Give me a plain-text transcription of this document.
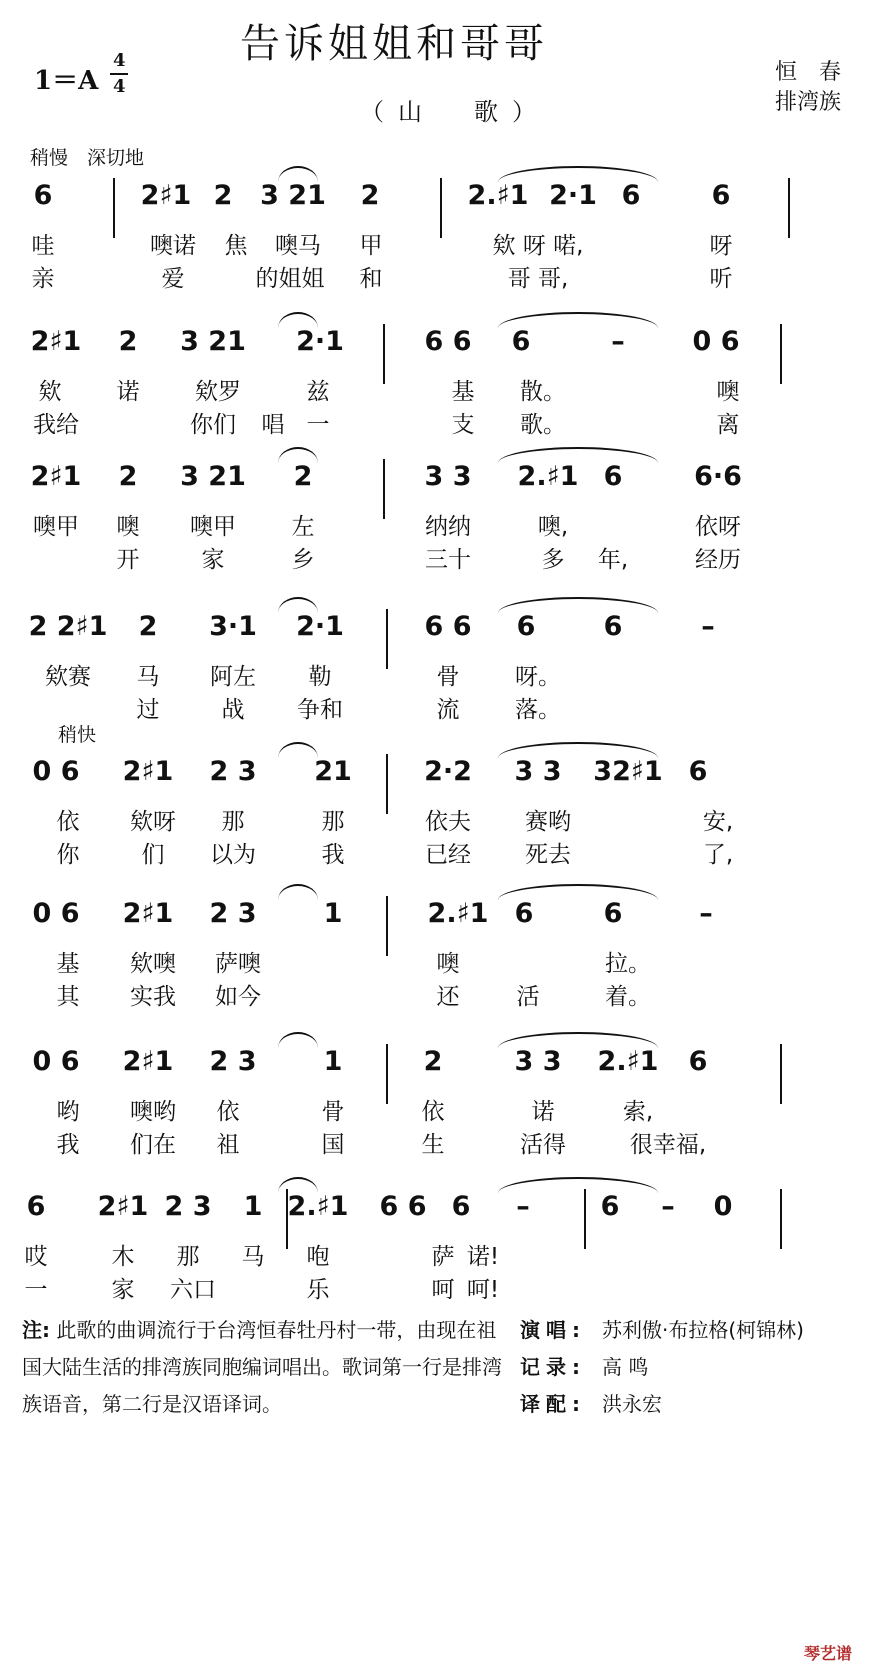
告诉姐姐和哥哥
（山　歌）
1＝A
4
4
恒　春
排湾族
稍慢　深切地
稍快
6	2♯1 2 3 21 2	2.♯1 2·1 6	6
哇	噢诺 焦 噢马 甲	欸 呀 喏,	呀
亲	爱	的姐姐 和	哥 哥,	听
2♯1 2 3 21 2·1	6 6 6	–	0 6
欸 诺 欸罗	兹	基 散。	噢
我给	你们 唱 一	支 歌。	离
2♯1 2 3 21 2	3 3 2.♯1 6	6·6
噢甲 噢 噢甲 左	纳纳	噢,	依呀
开	家	乡	三十	多 年,	经历
2 2♯1 2 3·1 2·1	6 6 6	6	–
欸赛 马 阿左 勒	骨 呀。
过	战 争和	流 落。
0 6 2♯1 2 3 21	2·2 3 3 32♯1 6
依 欸呀 那	那	依夫 赛哟	安,
你	们 以为	我	已经 死去	了,
0 6 2♯1 2 3 1	2.♯1 6	6	–
基 欸噢 萨噢	噢	拉。
其 实我 如今	还 活	着。
0 6 2♯1 2 3 1	2	3 3 2.♯1 6
哟 噢哟 依	骨	依	诺	索,
我 们在 祖	国	生	活得	很幸福,
6 2♯1 2 3 1 2.♯1 6 6 6 –	6 – 0
哎	木 那 马 咆	萨 诺!
一	家 六口	乐	呵 呵!
注: 此歌的曲调流行于台湾恒春牡丹村一带，由现在祖国大陆生活的排湾族同胞编词唱出。歌词第一行是排湾族语音，第二行是汉语译词。
演唱: 苏利傲·布拉格(柯锦林)
记录: 高 鸣
译配: 洪永宏
琴艺谱
